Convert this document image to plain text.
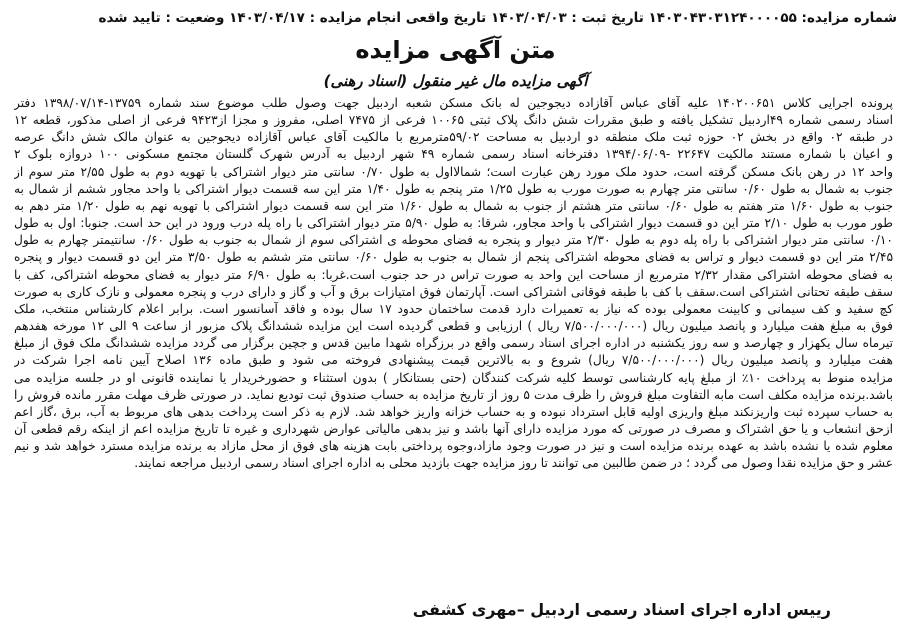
شماره مزایده: ۱۴۰۳۰۴۳۰۳۱۲۴۰۰۰۰۵۵ تاریخ ثبت : ۱۴۰۳/۰۴/۰۳ تاریخ واقعی انجام مزایده : ۱۴۰۳/۰۴/۱۷ وضعیت : تایید شده
متن آگهی مزایده
آگهی مزایده مال غیر منقول (اسناد رهنی)
پرونده اجرایی کلاس ۱۴۰۲۰۰۶۵۱ علیه آقای عباس آقازاده دیجوجین له بانک مسکن شعبه اردبیل جهت وصول طلب موضوع سند شماره ۱۳۷۵۹-۱۳۹۸/۰۷/۱۴ دفتر
اسناد رسمی شماره ۴۹اردبیل تشکیل یافته و طبق مقررات شش دانگ پلاک ثبتی ۱۰۰۶۵ فرعی از ۷۴۷۵ اصلی، مفروز و مجزا از۹۴۲۳ فرعی از اصلی مذکور، قطعه ۱۲
در طبقه ۰۲ واقع در بخش ۰۲ حوزه ثبت ملک منطقه دو اردبیل به مساحت ۵۹/۰۲مترمربع با مالکیت آقای عباس آقازاده دیجوجین به عنوان مالک شش دانگ عرصه
و اعیان با شماره مستند مالکیت ۲۲۶۴۷ -۱۳۹۴/۰۶/۰۹ دفترخانه اسناد رسمی شماره ۴۹ شهر اردبیل به آدرس شهرک گلستان مجتمع مسکونی ۱۰۰ دروازه بلوک ۲
واحد ۱۲ در رهن بانک مسکن گرفته است، حدود ملک مورد رهن عبارت است؛ شمالااول به طول ۰/۷۰ سانتی متر دیوار اشتراکی با تهویه دوم به طول ۲/۵۵ متر سوم از
جنوب به شمال به طول ۰/۶۰ سانتی متر چهارم به صورت مورب به طول ۱/۲۵ متر پنجم به طول ۱/۴۰ متر این سه قسمت دیوار اشتراکی با واحد مجاور ششم از شمال به
جنوب به طول ۱/۶۰ متر هفتم به طول ۰/۶۰ سانتی متر هشتم از جنوب به شمال به طول ۱/۶۰ متر این سه قسمت دیوار اشتراکی با تهویه نهم به طول ۱/۲۰ متر دهم به
طور مورب به طول ۲/۱۰ متر این دو قسمت دیوار اشتراکی با واحد مجاور، شرقا: به طول ۵/۹۰ متر دیوار اشتراکی با راه پله درب ورود در این حد است. جنوبا: اول به طول
۰/۱۰ سانتی متر دیوار اشتراکی با راه پله دوم به طول ۲/۳۰ متر دیوار و پنجره به فضای محوطه ی اشتراکی سوم از شمال به جنوب به طول ۰/۶۰ سانتیمتر چهارم به طول
۲/۴۵ متر این دو قسمت دیوار و تراس به فضای محوطه اشتراکی پنجم از شمال به جنوب به طول ۰/۶۰ سانتی متر ششم به طول ۳/۵۰ متر این دو قسمت دیوار و پنجره
به فضای محوطه اشتراکی مقدار ۲/۳۲ مترمربع از مساحت این واحد به صورت تراس در حد جنوب است.غربا: به طول ۶/۹۰ متر دیوار به فضای محوطه اشتراکی، کف با
سقف طبقه تحتانی اشتراکی است.سقف با کف با طبقه فوقانی اشتراکی است. آپارتمان فوق امتیازات برق و آب و گاز و دارای درب و پنجره معمولی و نازک کاری به صورت
کچ سفید و کف سیمانی و کابینت معمولی بوده که نیاز به تعمیرات دارد قدمت ساختمان حدود ۱۷ سال بوده و فاقد آسانسور است. برابر اعلام کارشناس منتخب، ملک
فوق به مبلغ هفت میلیارد و پانصد میلیون ریال (۷/۵۰۰/۰۰۰/۰۰۰ ریال ) ارزیابی و قطعی گردیده است این مزایده ششدانگ پلاک مزبور از ساعت ۹ الی ۱۲ مورخه هفدهم
تیرماه سال یکهزار و چهارصد و سه روز یکشنبه در اداره اجرای اسناد رسمی واقع در برزگراه شهدا مابین قدس و جچین برگزار می گردد مزایده ششدانگ ملک فوق از مبلغ
هفت میلیارد و پانصد میلیون ریال (۷/۵۰۰/۰۰۰/۰۰۰ ریال) شروع و به بالاترین قیمت پیشنهادی فروخته می شود و طبق ماده ۱۳۶ اصلاح آیین نامه اجرا شرکت در
مزایده منوط به پرداخت ۱۰٪ از مبلغ پایه کارشناسی توسط کلیه شرکت کنندگان (حتی بستانکار ) بدون استثناء و حضورخریدار یا نماینده قانونی او در جلسه مزایده می
باشد.برنده مزایده مکلف است مابه التفاوت مبلغ فروش را ظرف مدت ۵ روز از تاریخ مزایده به حساب صندوق ثبت تودیع نماید. در صورتی ظرف مهلت مقرر مانده فروش را
به حساب سپرده ثبت واریزنکند مبلغ واریزی اولیه قابل استرداد نبوده و به حساب خزانه واریز خواهد شد. لازم به ذکر است پرداخت بدهی های مربوط به آب، برق ،گاز اعم
ازحق انشعاب و یا حق اشتراک و مصرف در صورتی که مورد مزایده دارای آنها باشد و نیز بدهی مالیاتی عوارض شهرداری و غیره تا تاریخ مزایده اعم از اینکه رقم قطعی آن
معلوم شده یا نشده باشد به عهده برنده مزایده است و نیز در صورت وجود مازاد،وجوه پرداختی بابت هزینه های فوق از محل مازاد به برنده مزایده مسترد خواهد شد و نیم
عشر و حق مزایده نقدا وصول می گردد ؛ در ضمن طالبین می توانند تا روز مزایده جهت بازدید محلی به اداره اجرای اسناد رسمی اردبیل مراجعه نمایند.
رییس اداره اجرای اسناد رسمی اردبیل –مهری کشفی
